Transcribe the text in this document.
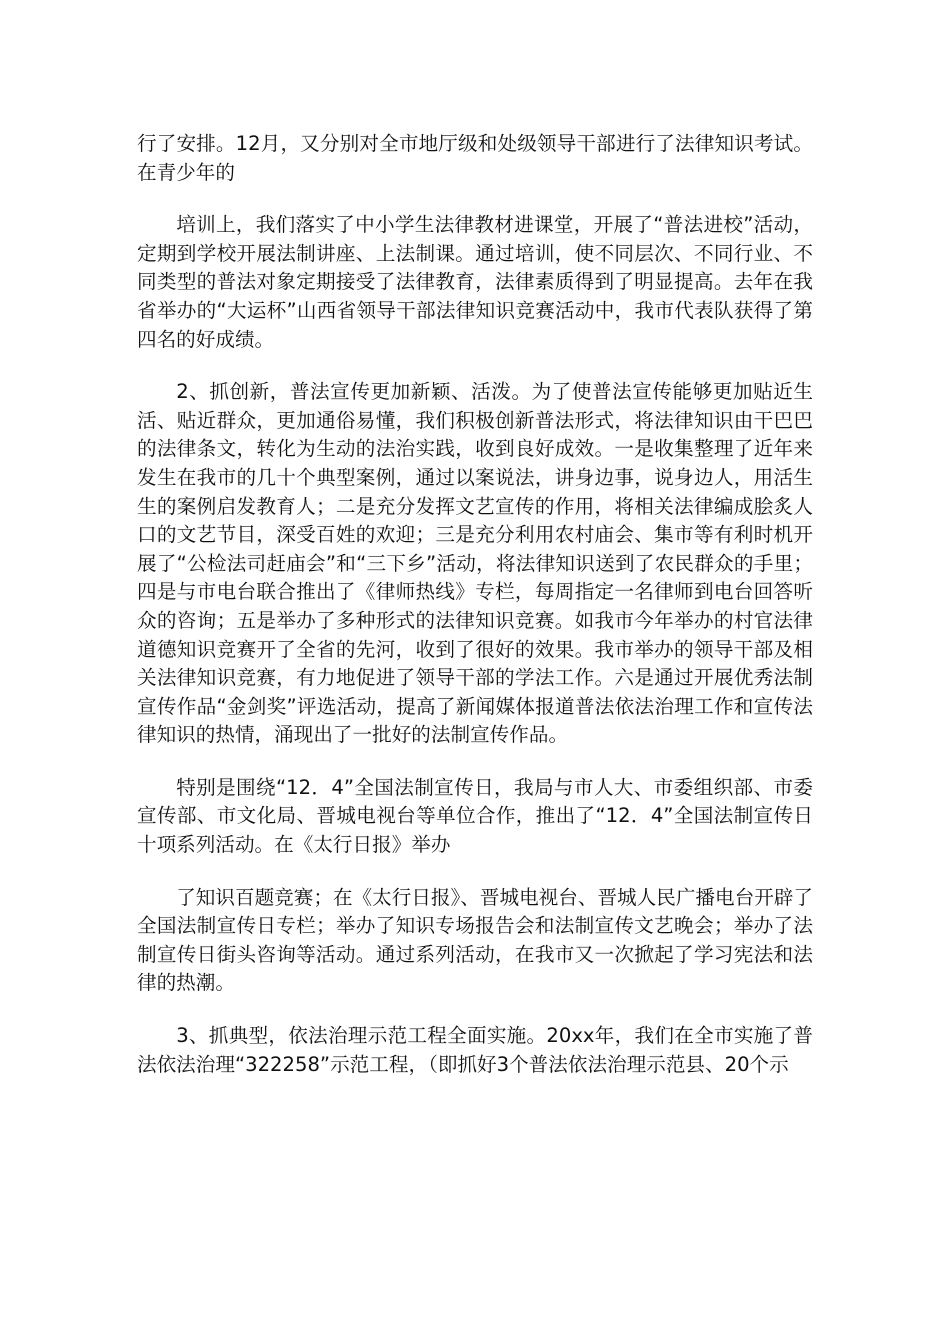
行了安排。12月，又分别对全市地厅级和处级领导干部进行了法律知识考试。在青少年的

培训上，我们落实了中小学生法律教材进课堂，开展了“普法进校”活动，定期到学校开展法制讲座、上法制课。通过培训，使不同层次、不同行业、不同类型的普法对象定期接受了法律教育，法律素质得到了明显提高。去年在我省举办的“大运杯”山西省领导干部法律知识竞赛活动中，我市代表队获得了第四名的好成绩。

2、抓创新，普法宣传更加新颖、活泼。为了使普法宣传能够更加贴近生活、贴近群众，更加通俗易懂，我们积极创新普法形式，将法律知识由干巴巴的法律条文，转化为生动的法治实践，收到良好成效。一是收集整理了近年来发生在我市的几十个典型案例，通过以案说法，讲身边事，说身边人，用活生生的案例启发教育人；二是充分发挥文艺宣传的作用，将相关法律编成脍炙人口的文艺节目，深受百姓的欢迎；三是充分利用农村庙会、集市等有利时机开展了“公检法司赶庙会”和“三下乡”活动，将法律知识送到了农民群众的手里；四是与市电台联合推出了《律师热线》专栏，每周指定一名律师到电台回答听众的咨询；五是举办了多种形式的法律知识竞赛。如我市今年举办的村官法律道德知识竞赛开了全省的先河，收到了很好的效果。我市举办的领导干部及相关法律知识竞赛，有力地促进了领导干部的学法工作。六是通过开展优秀法制宣传作品“金剑奖”评选活动，提高了新闻媒体报道普法依法治理工作和宣传法律知识的热情，涌现出了一批好的法制宣传作品。

特别是围绕“12．4”全国法制宣传日，我局与市人大、市委组织部、市委宣传部、市文化局、晋城电视台等单位合作，推出了“12．4”全国法制宣传日十项系列活动。在《太行日报》举办

了知识百题竞赛；在《太行日报》、晋城电视台、晋城人民广播电台开辟了全国法制宣传日专栏；举办了知识专场报告会和法制宣传文艺晚会；举办了法制宣传日街头咨询等活动。通过系列活动，在我市又一次掀起了学习宪法和法律的热潮。

3、抓典型，依法治理示范工程全面实施。20xx年，我们在全市实施了普法依法治理“322258”示范工程，（即抓好3个普法依法治理示范县、20个示
